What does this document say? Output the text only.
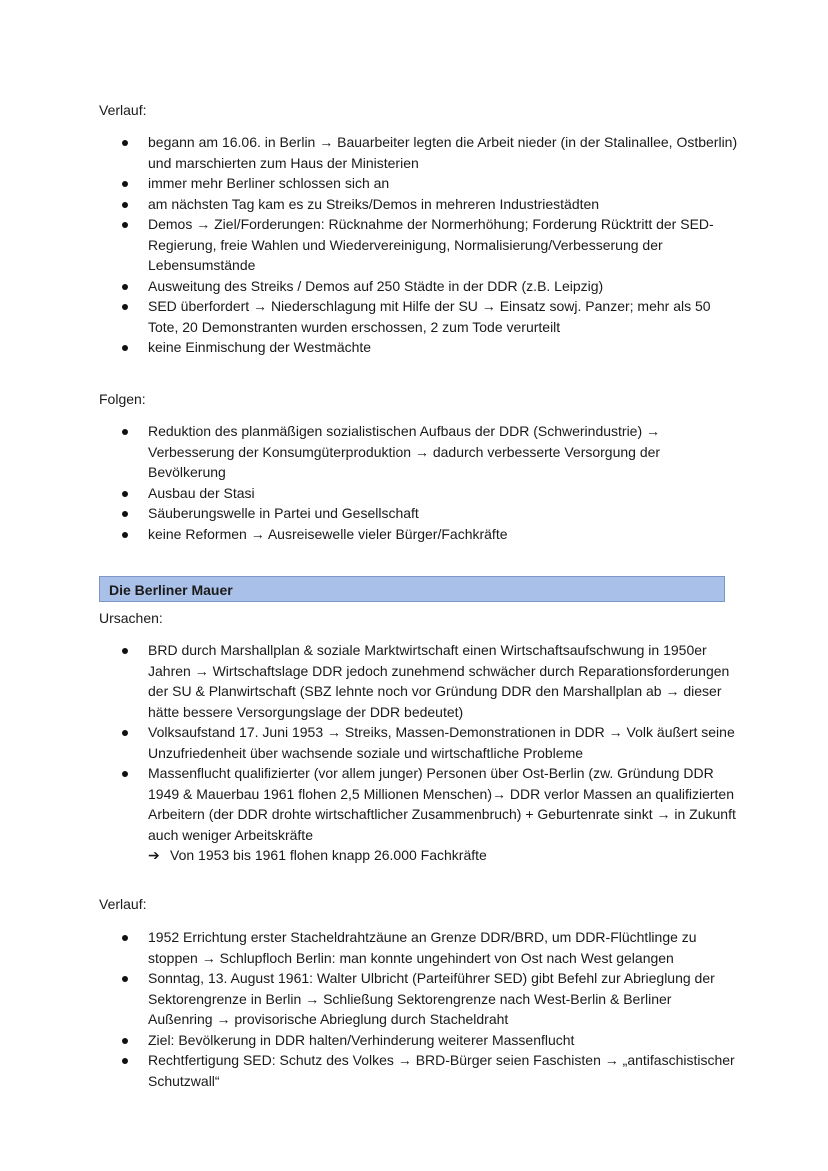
Verlauf:

begann am 16.06. in Berlin → Bauarbeiter legten die Arbeit nieder (in der Stalinallee, Ostberlin) und marschierten zum Haus der Ministerien
immer mehr Berliner schlossen sich an
am nächsten Tag kam es zu Streiks/Demos in mehreren Industriestädten
Demos → Ziel/Forderungen: Rücknahme der Normerhöhung; Forderung Rücktritt der SED-Regierung, freie Wahlen und Wiedervereinigung, Normalisierung/Verbesserung der Lebensumstände
Ausweitung des Streiks / Demos auf 250 Städte in der DDR (z.B. Leipzig)
SED überfordert → Niederschlagung mit Hilfe der SU → Einsatz sowj. Panzer; mehr als 50 Tote, 20 Demonstranten wurden erschossen, 2 zum Tode verurteilt
keine Einmischung der Westmächte

Folgen:

Reduktion des planmäßigen sozialistischen Aufbaus der DDR (Schwerindustrie) → Verbesserung der Konsumgüterproduktion → dadurch verbesserte Versorgung der Bevölkerung
Ausbau der Stasi
Säuberungswelle in Partei und Gesellschaft
keine Reformen → Ausreisewelle vieler Bürger/Fachkräfte
Die Berliner Mauer

Ursachen:

BRD durch Marshallplan & soziale Marktwirtschaft einen Wirtschaftsaufschwung in 1950er Jahren → Wirtschaftslage DDR jedoch zunehmend schwächer durch Reparationsforderungen der SU & Planwirtschaft (SBZ lehnte noch vor Gründung DDR den Marshallplan ab → dieser hätte bessere Versorgungslage der DDR bedeutet)
Volksaufstand 17. Juni 1953 → Streiks, Massen-Demonstrationen in DDR → Volk äußert seine Unzufriedenheit über wachsende soziale und wirtschaftliche Probleme
Massenflucht qualifizierter (vor allem junger) Personen über Ost-Berlin (zw. Gründung DDR 1949 & Mauerbau 1961 flohen 2,5 Millionen Menschen)→ DDR verlor Massen an qualifizierten Arbeitern (der DDR drohte wirtschaftlicher Zusammenbruch) + Geburtenrate sinkt → in Zukunft auch weniger Arbeitskräfte
➔ Von 1953 bis 1961 flohen knapp 26.000 Fachkräfte

Verlauf:

1952 Errichtung erster Stacheldrahtzäune an Grenze DDR/BRD, um DDR-Flüchtlinge zu stoppen → Schlupfloch Berlin: man konnte ungehindert von Ost nach West gelangen
Sonntag, 13. August 1961: Walter Ulbricht (Parteiführer SED) gibt Befehl zur Abrieglung der Sektorengrenze in Berlin → Schließung Sektorengrenze nach West-Berlin & Berliner Außenring → provisorische Abrieglung durch Stacheldraht
Ziel: Bevölkerung in DDR halten/Verhinderung weiterer Massenflucht
Rechtfertigung SED: Schutz des Volkes → BRD-Bürger seien Faschisten → „antifaschistischer Schutzwall“
